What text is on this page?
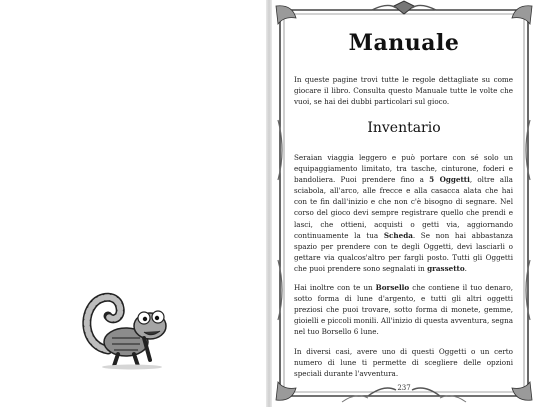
Manuale
In queste pagine trovi tutte le regole dettagliate su come giocare il libro. Consulta questo Manuale tutte le volte che vuoi, se hai dei dubbi particolari sul gioco.
Inventario

Seraian viaggia leggero e può portare con sé solo un equipaggiamento limitato, tra tasche, cinturone, foderi e bandoliera. Puoi prendere fino a 5 Oggetti, oltre alla sciabola, all'arco, alle frecce e alla casacca alata che hai con te fin dall'inizio e che non c'è bisogno di segnare. Nel corso del gioco devi sempre registrare quello che prendi e lasci, che ottieni, acquisti o getti via, aggiornando continuamente la tua Scheda. Se non hai abbastanza spazio per prendere con te degli Oggetti, devi lasciarli o gettare via qualcos'altro per fargli posto. Tutti gli Oggetti che puoi prendere sono segnalati in grassetto.

Hai inoltre con te un Borsello che contiene il tuo denaro, sotto forma di lune d'argento, e tutti gli altri oggetti preziosi che puoi trovare, sotto forma di monete, gemme, gioielli e piccoli monili. All'inizio di questa avventura, segna nel tuo Borsello 6 lune.

In diversi casi, avere uno di questi Oggetti o un certo numero di lune ti permette di scegliere delle opzioni speciali durante l'avventura.

237
